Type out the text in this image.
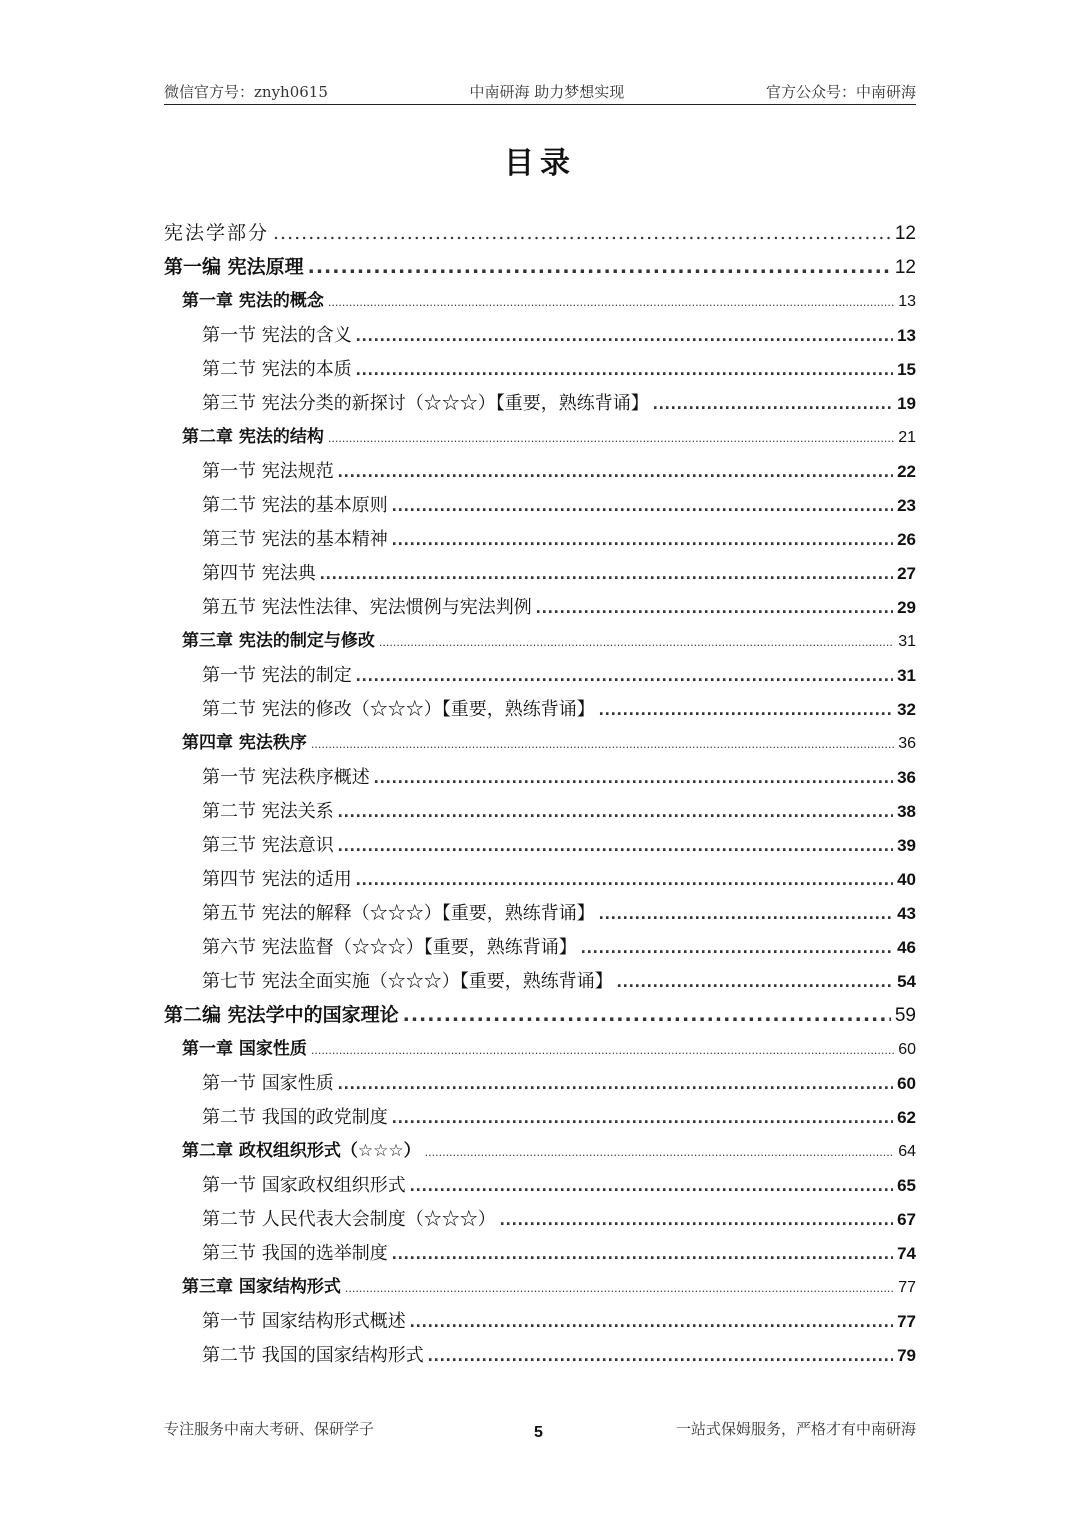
微信官方号：znyh0615	中南研海 助力梦想实现	官方公众号：中南研海
目录
宪法学部分 .....	12
第一编 宪法原理 .....	12
第一章 宪法的概念 .....	13
第一节 宪法的含义 .....	13
第二节 宪法的本质 .....	15
第三节 宪法分类的新探讨（☆☆☆）【重要，熟练背诵】 .....	19
第二章 宪法的结构 .....	21
第一节 宪法规范 .....	22
第二节 宪法的基本原则 .....	23
第三节 宪法的基本精神 .....	26
第四节 宪法典 .....	27
第五节 宪法性法律、宪法惯例与宪法判例 .....	29
第三章 宪法的制定与修改 .....	31
第一节 宪法的制定 .....	31
第二节 宪法的修改（☆☆☆）【重要，熟练背诵】 .....	32
第四章 宪法秩序 .....	36
第一节 宪法秩序概述 .....	36
第二节 宪法关系 .....	38
第三节 宪法意识 .....	39
第四节 宪法的适用 .....	40
第五节 宪法的解释（☆☆☆）【重要，熟练背诵】 .....	43
第六节 宪法监督（☆☆☆）【重要，熟练背诵】 .....	46
第七节 宪法全面实施（☆☆☆）【重要，熟练背诵】 .....	54
第二编 宪法学中的国家理论 .....	59
第一章 国家性质 .....	60
第一节 国家性质 .....	60
第二节 我国的政党制度 .....	62
第二章 政权组织形式（☆☆☆） .....	64
第一节 国家政权组织形式 .....	65
第二节 人民代表大会制度（☆☆☆） .....	67
第三节 我国的选举制度 .....	74
第三章 国家结构形式 .....	77
第一节 国家结构形式概述 .....	77
第二节 我国的国家结构形式 .....	79
专注服务中南大考研、保研学子	5	一站式保姆服务，严格才有中南研海
